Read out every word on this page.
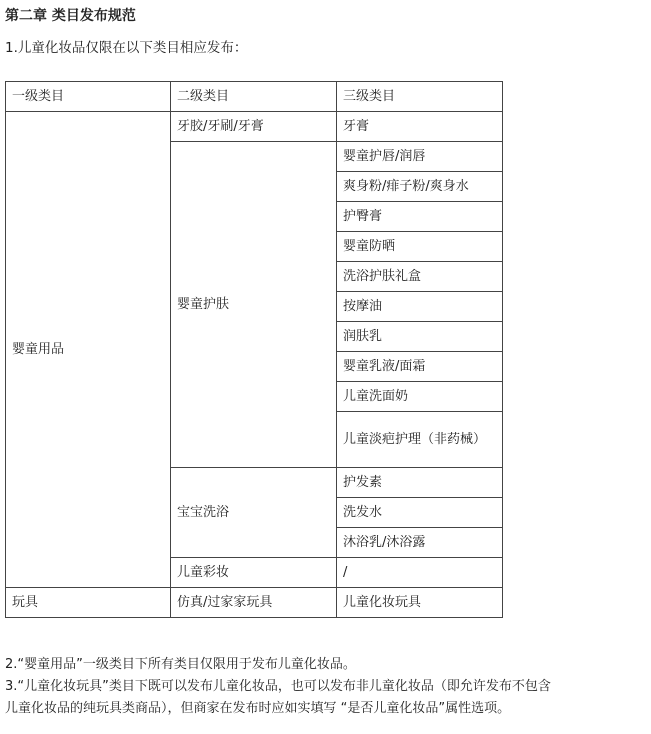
第二章 类目发布规范
1.儿童化妆品仅限在以下类目相应发布：
一级类目	二级类目	三级类目
婴童用品	牙胶/牙刷/牙膏	牙膏
	婴童护肤	婴童护唇/润唇
		爽身粉/痱子粉/爽身水
		护臀膏
		婴童防晒
		洗浴护肤礼盒
		按摩油
		润肤乳
		婴童乳液/面霜
		儿童洗面奶
		儿童淡疤护理（非药械）
	宝宝洗浴	护发素
		洗发水
		沐浴乳/沐浴露
	儿童彩妆	/
玩具	仿真/过家家玩具	儿童化妆玩具
2.“婴童用品”一级类目下所有类目仅限用于发布儿童化妆品。
3.“儿童化妆玩具”类目下既可以发布儿童化妆品，也可以发布非儿童化妆品（即允许发布不包含
儿童化妆品的纯玩具类商品），但商家在发布时应如实填写 “是否儿童化妆品”属性选项。
